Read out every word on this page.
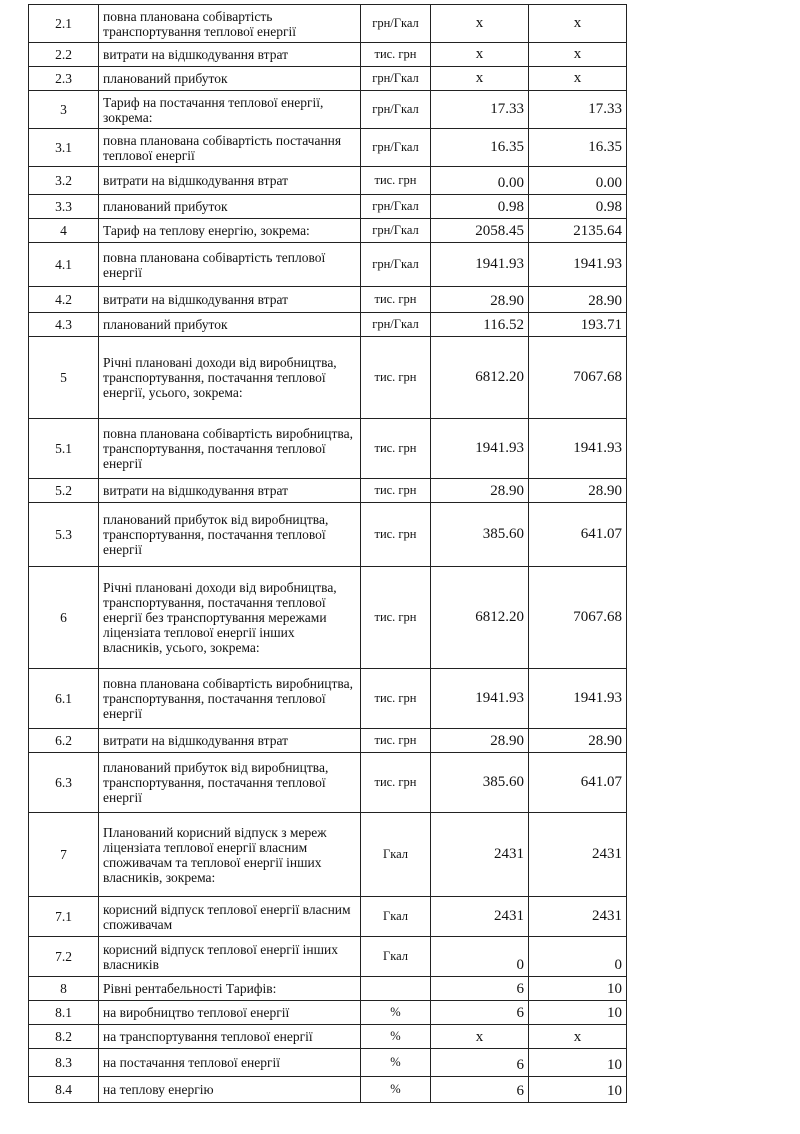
2.1	повна планована собівартість транспортування теплової енергії	грн/Гкал	х	х
2.2	витрати на відшкодування втрат	тис. грн	х	х
2.3	планований прибуток	грн/Гкал	х	х
3	Тариф на постачання теплової енергії, зокрема:	грн/Гкал	17.33	17.33
3.1	повна планована собівартість постачання теплової енергії	грн/Гкал	16.35	16.35
3.2	витрати на відшкодування втрат	тис. грн	0.00	0.00
3.3	планований прибуток	грн/Гкал	0.98	0.98
4	Тариф на теплову енергію, зокрема:	грн/Гкал	2058.45	2135.64
4.1	повна планована собівартість теплової енергії	грн/Гкал	1941.93	1941.93
4.2	витрати на відшкодування втрат	тис. грн	28.90	28.90
4.3	планований прибуток	грн/Гкал	116.52	193.71
5	Річні плановані доходи від виробництва, транспортування, постачання теплової енергії, усього, зокрема:	тис. грн	6812.20	7067.68
5.1	повна планована собівартість виробництва, транспортування, постачання теплової енергії	тис. грн	1941.93	1941.93
5.2	витрати на відшкодування втрат	тис. грн	28.90	28.90
5.3	планований прибуток від виробництва, транспортування, постачання теплової енергії	тис. грн	385.60	641.07
6	Річні плановані доходи від виробництва, транспортування, постачання теплової енергії без транспортування мережами ліцензіата теплової енергії інших власників, усього, зокрема:	тис. грн	6812.20	7067.68
6.1	повна планована собівартість виробництва, транспортування, постачання теплової енергії	тис. грн	1941.93	1941.93
6.2	витрати на відшкодування втрат	тис. грн	28.90	28.90
6.3	планований прибуток від виробництва, транспортування, постачання теплової енергії	тис. грн	385.60	641.07
7	Планований корисний відпуск з мереж ліцензіата теплової енергії власним споживачам та теплової енергії інших власників, зокрема:	Гкал	2431	2431
7.1	корисний відпуск теплової енергії власним споживачам	Гкал	2431	2431
7.2	корисний відпуск теплової енергії інших власників	Гкал	0	0
8	Рівні рентабельності Тарифів:		6	10
8.1	на виробництво теплової енергії	%	6	10
8.2	на транспортування теплової енергії	%	х	х
8.3	на постачання теплової енергії	%	6	10
8.4	на теплову енергію	%	6	10
